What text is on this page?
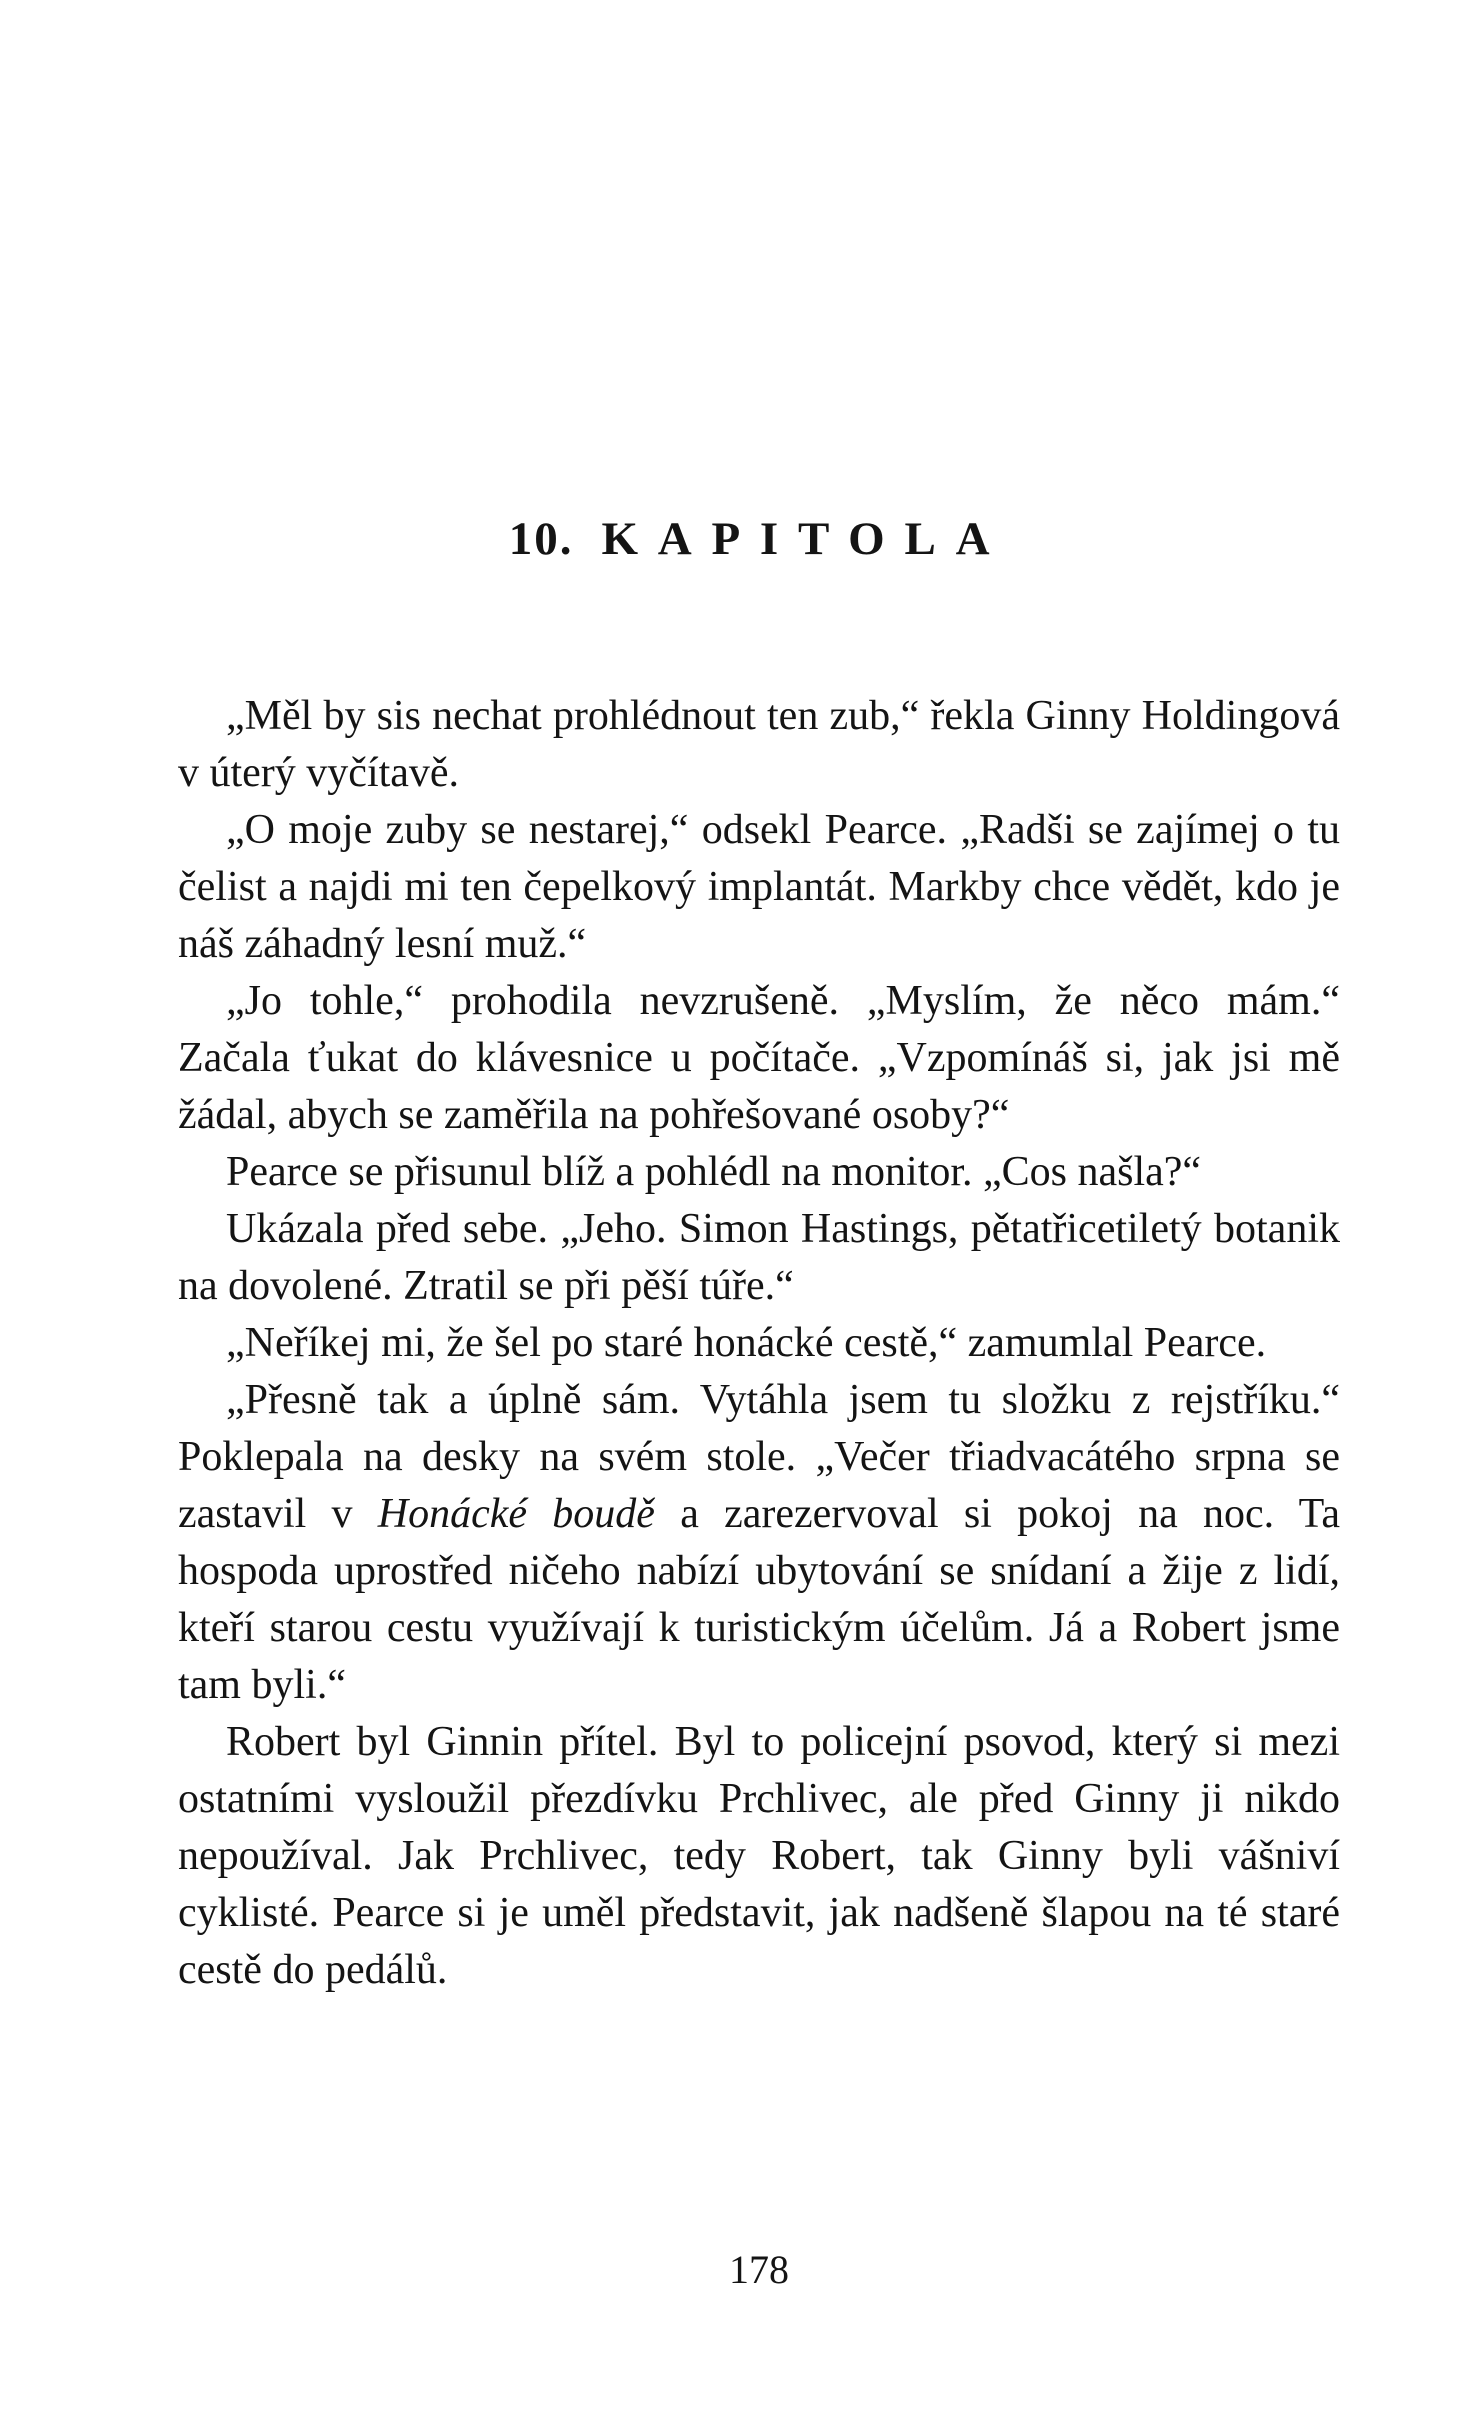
10. KAPITOLA

„Měl by sis nechat prohlédnout ten zub,“ řekla Ginny Holdingová v úterý vyčítavě.

„O moje zuby se nestarej,“ odsekl Pearce. „Radši se zajímej o tu čelist a najdi mi ten čepelkový implantát. Markby chce vědět, kdo je náš záhadný lesní muž.“

„Jo tohle,“ prohodila nevzrušeně. „Myslím, že něco mám.“ Začala ťukat do klávesnice u počítače. „Vzpomínáš si, jak jsi mě žádal, abych se zaměřila na pohřešované osoby?“

Pearce se přisunul blíž a pohlédl na monitor. „Cos našla?“

Ukázala před sebe. „Jeho. Simon Hastings, pětatřicetiletý botanik na dovolené. Ztratil se při pěší túře.“

„Neříkej mi, že šel po staré honácké cestě,“ zamumlal Pearce.

„Přesně tak a úplně sám. Vytáhla jsem tu složku z rejstříku.“ Poklepala na desky na svém stole. „Večer třiadvacátého srpna se zastavil v Honácké boudě a zarezervoval si pokoj na noc. Ta hospoda uprostřed ničeho nabízí ubytování se snídaní a žije z lidí, kteří starou cestu využívají k turistickým účelům. Já a Robert jsme tam byli.“

Robert byl Ginnin přítel. Byl to policejní psovod, který si mezi ostatními vysloužil přezdívku Prchlivec, ale před Ginny ji nikdo nepoužíval. Jak Prchlivec, tedy Robert, tak Ginny byli vášniví cyklisté. Pearce si je uměl představit, jak nadšeně šlapou na té staré cestě do pedálů.

178
